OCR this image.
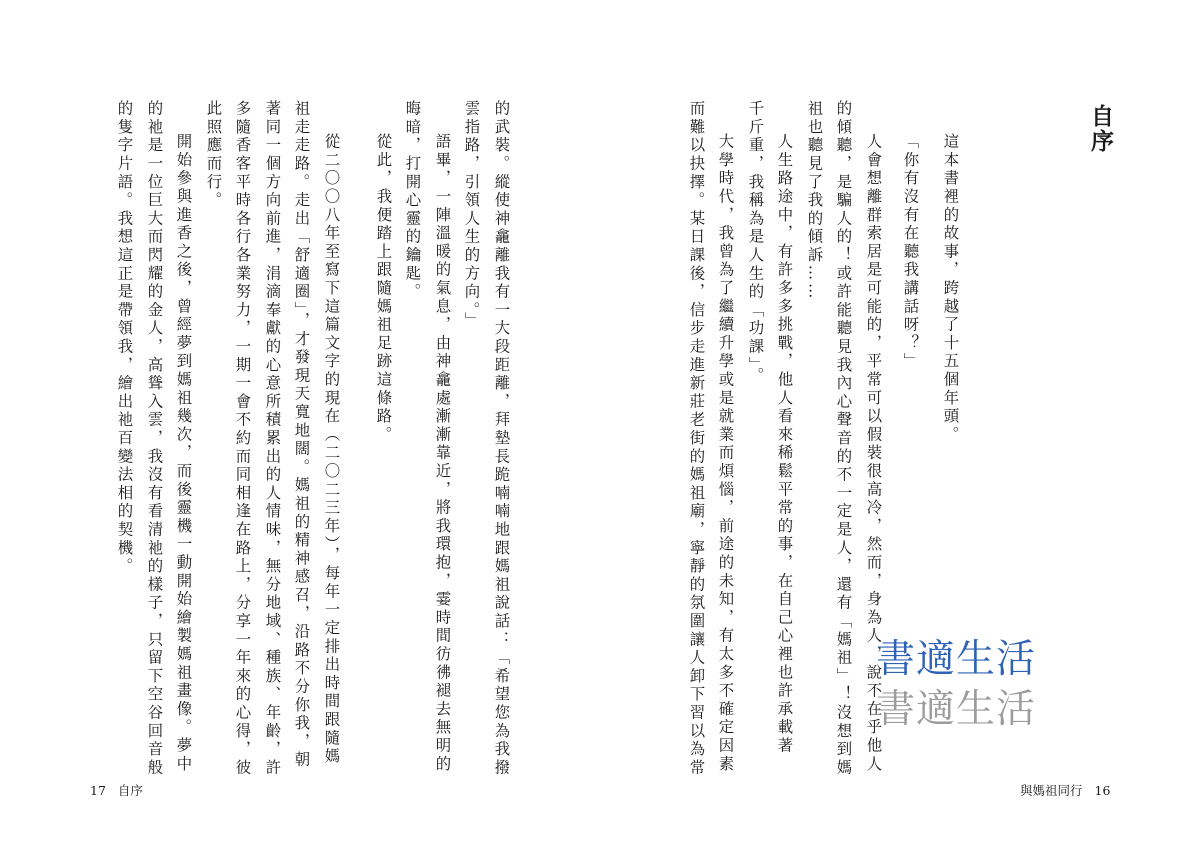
自序

這本書裡的故事，跨越了十五個年頭。

「你有沒有在聽我講話呀？」

人會想離群索居是可能的，平常可以假裝很高冷，然而，身為人，說不在乎他人

的傾聽，是騙人的！或許能聽見我內心聲音的不一定是人，還有「媽祖」！沒想到媽

祖也聽見了我的傾訴……

人生路途中，有許多多挑戰，他人看來稀鬆平常的事，在自己心裡也許承載著

千斤重，我稱為是人生的「功課」。

大學時代，我曾為了繼續升學或是就業而煩惱，前途的未知，有太多不確定因素

而難以抉擇。某日課後，信步走進新莊老街的媽祖廟，寧靜的氛圍讓人卸下習以為常

與媽祖同行 16

的武裝。縱使神龕離我有一大段距離，拜墊長跪喃喃地跟媽祖說話：「希望您為我撥

雲指路，引領人生的方向。」

語畢，一陣溫暖的氣息，由神龕處漸漸靠近，將我環抱，霎時間彷彿褪去無明的

晦暗，打開心靈的鑰匙。

從此，我便踏上跟隨媽祖足跡這條路。

從二〇〇八年至寫下這篇文字的現在（二〇二三年），每年一定排出時間跟隨媽

祖走走路。走出「舒適圈」，才發現天寬地闊。媽祖的精神感召，沿路不分你我，朝

著同一個方向前進，涓滴奉獻的心意所積累出的人情味，無分地域、種族、年齡，許

多隨香客平時各行各業努力，一期一會不約而同相逢在路上，分享一年來的心得，彼

此照應而行。

開始參與進香之後，曾經夢到媽祖幾次，而後靈機一動開始繪製媽祖畫像。夢中

的祂是一位巨大而閃耀的金人，高聳入雲，我沒有看清祂的樣子，只留下空谷回音般

的隻字片語。我想這正是帶領我，繪出祂百變法相的契機。

17 自序
書適生活
書適生活
